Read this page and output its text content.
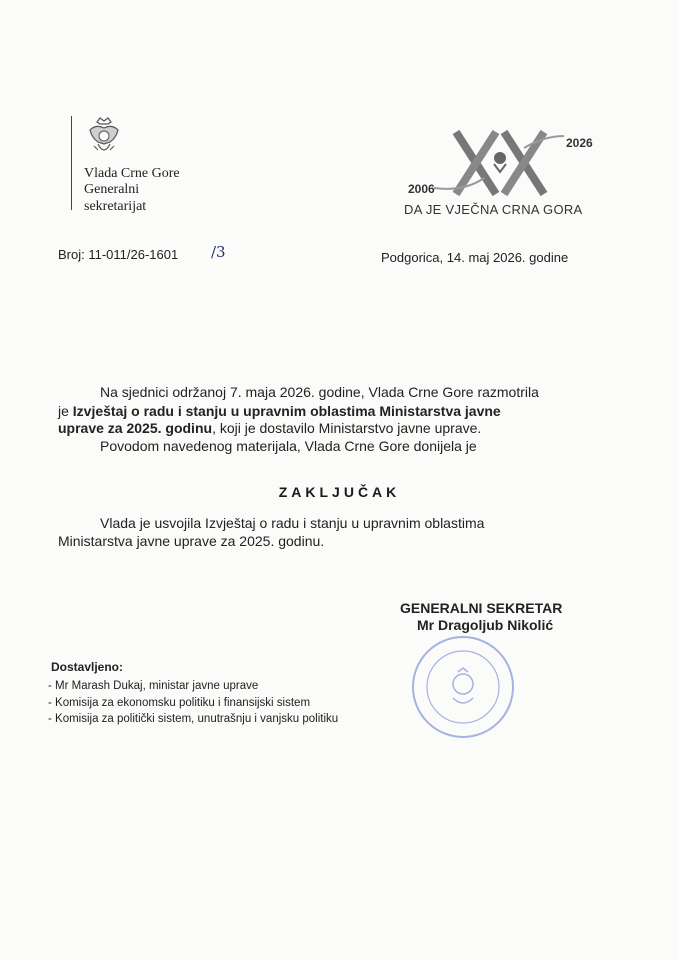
Vlada Crne Gore
Generalni
sekretarijat
2006
2026
DA JE VJEČNA CRNA GORA
Broj: 11-011/26-1601 /3	Podgorica, 14. maj 2026. godine
Na sjednici održanoj 7. maja 2026. godine, Vlada Crne Gore razmotrila
je Izvještaj o radu i stanju u upravnim oblastima Ministarstva javne
uprave za 2025. godinu, koji je dostavilo Ministarstvo javne uprave.
Povodom navedenog materijala, Vlada Crne Gore donijela je
ZAKLJUČAK
Vlada je usvojila Izvještaj o radu i stanju u upravnim oblastima
Ministarstva javne uprave za 2025. godinu.
GENERALNI SEKRETAR
Mr Dragoljub Nikolić
Dostavljeno:
- Mr Marash Dukaj, ministar javne uprave
- Komisija za ekonomsku politiku i finansijski sistem
- Komisija za politički sistem, unutrašnju i vanjsku politiku
